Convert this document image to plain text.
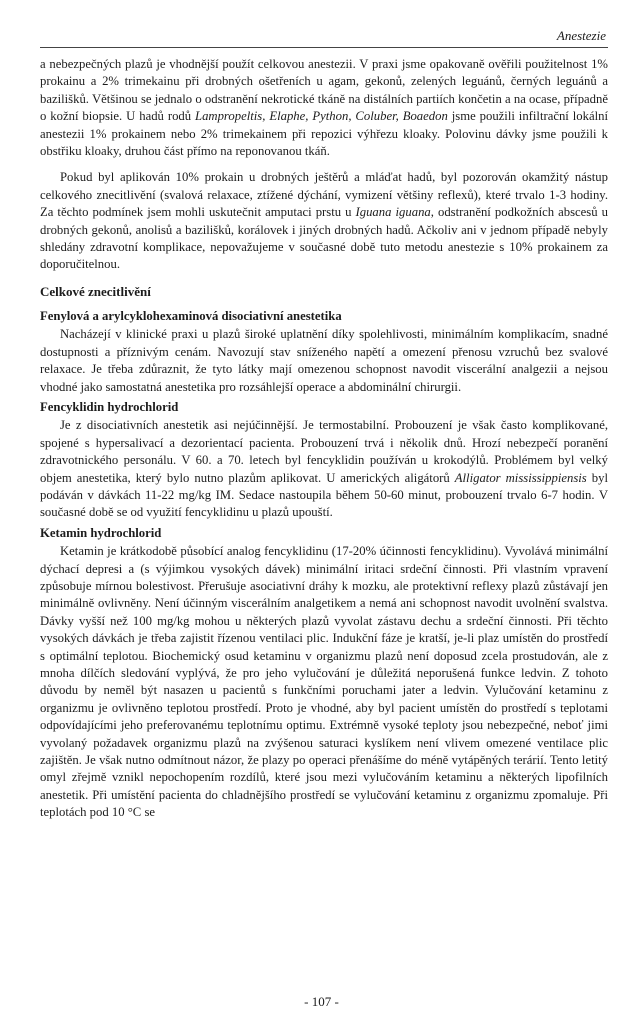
Anestezie

a nebezpečných plazů je vhodnější použít celkovou anestezii. V praxi jsme opakovaně ověřili použitelnost 1% prokainu a 2% trimekainu při drobných ošetřeních u agam, gekonů, zelených leguánů, černých leguánů a bazilišků. Většinou se jednalo o odstranění nekrotické tkáně na distálních partiích končetin a na ocase, případně o kožní biopsie. U hadů rodů Lampropeltis, Elaphe, Python, Coluber, Boaedon jsme použili infiltrační lokální anestezii 1% prokainem nebo 2% trimekainem při repozici výhřezu kloaky. Polovinu dávky jsme použili k obstřiku kloaky, druhou část přímo na reponovanou tkáň.

Pokud byl aplikován 10% prokain u drobných ještěrů a mláďat hadů, byl pozorován okamžitý nástup celkového znecitlivění (svalová relaxace, ztížené dýchání, vymizení většiny reflexů), které trvalo 1-3 hodiny. Za těchto podmínek jsem mohli uskutečnit amputaci prstu u Iguana iguana, odstranění podkožních abscesů u drobných gekonů, anolisů a bazilišků, korálovek i jiných drobných hadů. Ačkoliv ani v jednom případě nebyly shledány zdravotní komplikace, nepovažujeme v současné době tuto metodu anestezie s 10% prokainem za doporučitelnou.

Celkové znecitlivění
Fenylová a arylcyklohexaminová disociativní anestetika

Nacházejí v klinické praxi u plazů široké uplatnění díky spolehlivosti, minimálním komplikacím, snadné dostupnosti a příznivým cenám. Navozují stav sníženého napětí a omezení přenosu vzruchů bez svalové relaxace. Je třeba zdůraznit, že tyto látky mají omezenou schopnost navodit viscerální analgezii a nejsou vhodné jako samostatná anestetika pro rozsáhlejší operace a abdominální chirurgii.

Fencyklidin hydrochlorid

Je z disociativních anestetik asi nejúčinnější. Je termostabilní. Probouzení je však často komplikované, spojené s hypersalivací a dezorientací pacienta. Probouzení trvá i několik dnů. Hrozí nebezpečí poranění zdravotnického personálu. V 60. a 70. letech byl fencyklidin používán u krokodýlů. Problémem byl velký objem anestetika, který bylo nutno plazům aplikovat. U amerických aligátorů Alligator mississippiensis byl podáván v dávkách 11-22 mg/kg IM. Sedace nastoupila během 50-60 minut, probouzení trvalo 6-7 hodin. V současné době se od využití fencyklidinu u plazů upouští.

Ketamin hydrochlorid

Ketamin je krátkodobě působící analog fencyklidinu (17-20% účinnosti fencyklidinu). Vyvolává minimální dýchací depresi a (s výjimkou vysokých dávek) minimální iritaci srdeční činnosti. Při vlastním vpravení způsobuje mírnou bolestivost. Přerušuje asociativní dráhy k mozku, ale protektivní reflexy plazů zůstávají jen minimálně ovlivněny. Není účinným viscerálním analgetikem a nemá ani schopnost navodit uvolnění svalstva. Dávky vyšší než 100 mg/kg mohou u některých plazů vyvolat zástavu dechu a srdeční činnosti. Při těchto vysokých dávkách je třeba zajistit řízenou ventilaci plic. Indukční fáze je kratší, je-li plaz umístěn do prostředí s optimální teplotou. Biochemický osud ketaminu v organizmu plazů není doposud zcela prostudován, ale z mnoha dílčích sledování vyplývá, že pro jeho vylučování je důležitá neporušená funkce ledvin. Z tohoto důvodu by neměl být nasazen u pacientů s funkčními poruchami jater a ledvin. Vylučování ketaminu z organizmu je ovlivněno teplotou prostředí. Proto je vhodné, aby byl pacient umístěn do prostředí s teplotami odpovídajícími jeho preferovanému teplotnímu optimu. Extrémně vysoké teploty jsou nebezpečné, neboť jimi vyvolaný požadavek organizmu plazů na zvýšenou saturaci kyslíkem není vlivem omezené ventilace plic zajištěn. Je však nutno odmítnout názor, že plazy po operaci přenášíme do méně vytápěných terárií. Tento letitý omyl zřejmě vznikl nepochopením rozdílů, které jsou mezi vylučováním ketaminu a některých lipofilních anestetik. Při umístění pacienta do chladnějšího prostředí se vylučování ketaminu z organizmu zpomaluje. Při teplotách pod 10 °C se

- 107 -
